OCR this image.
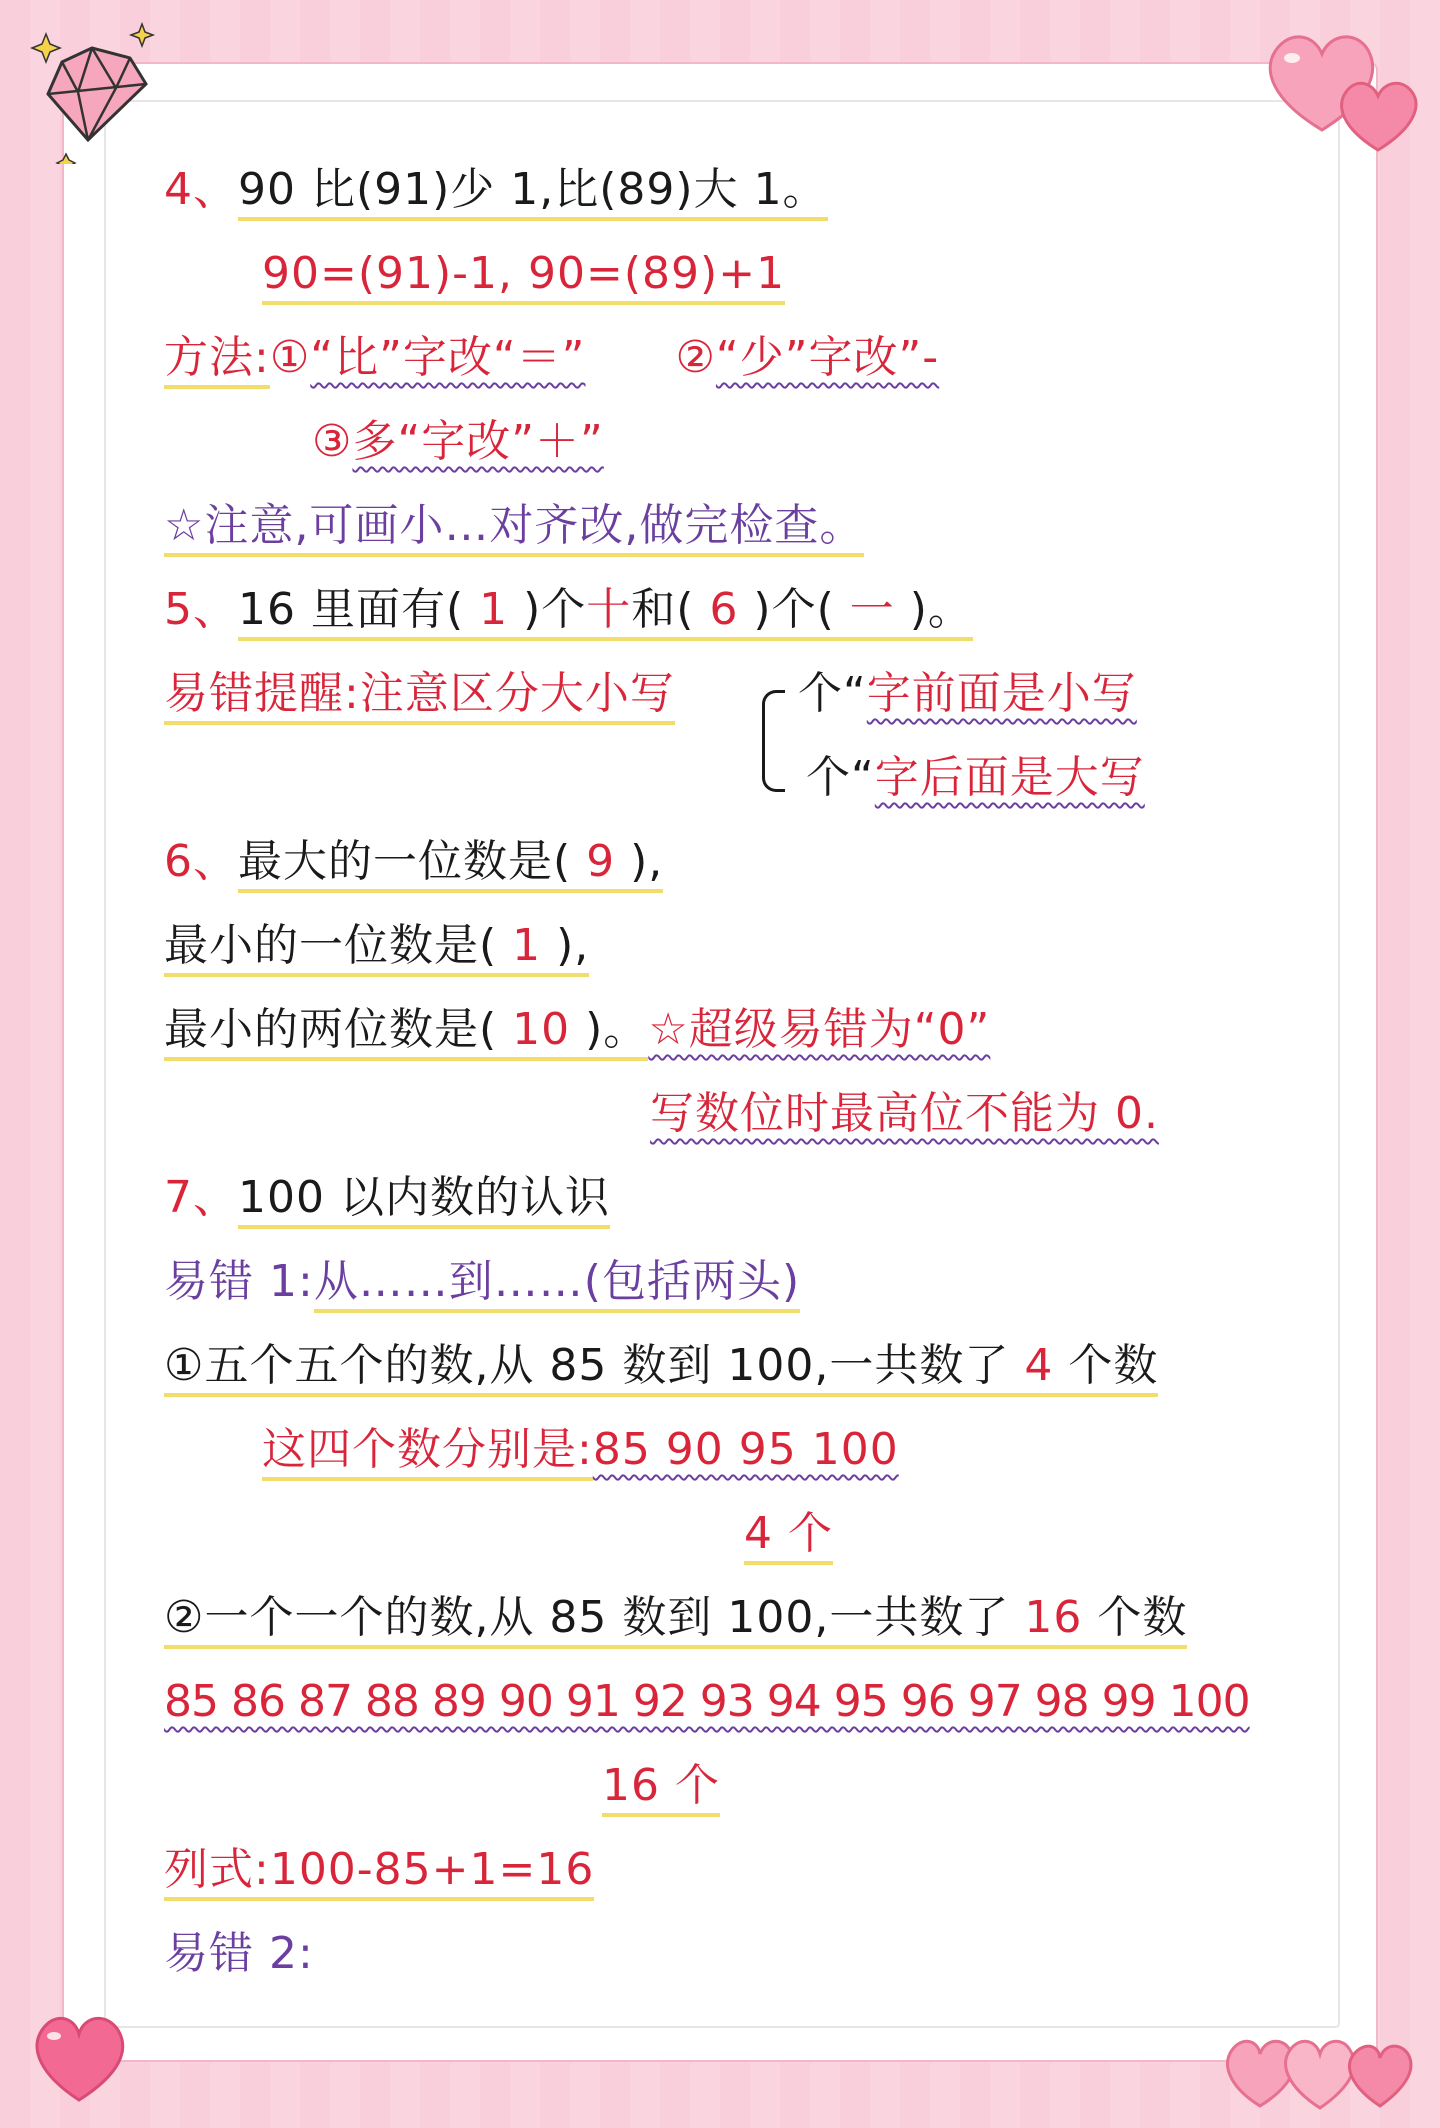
4、90 比(91)少 1,比(89)大 1。
90=(91)-1, 90=(89)+1
方法:①“比”字改“＝” ②“少”字改”-
③多“字改”＋”
☆注意,可画小…对齐改,做完检查。
5、16 里面有( 1 )个十和( 6 )个( 一 )。
易错提醒:注意区分大小写	个“字前面是小写
个“字后面是大写
6、最大的一位数是( 9 ),
最小的一位数是( 1 ),
最小的两位数是( 10 )。☆超级易错为“0”
写数位时最高位不能为 0.
7、100 以内数的认识
易错 1:从……到……(包括两头)
①五个五个的数,从 85 数到 100,一共数了 4 个数
这四个数分别是:85 90 95 100
4 个
②一个一个的数,从 85 数到 100,一共数了 16 个数
85 86 87 88 89 90 91 92 93 94 95 96 97 98 99 100
16 个
列式:100-85+1=16
易错 2:
